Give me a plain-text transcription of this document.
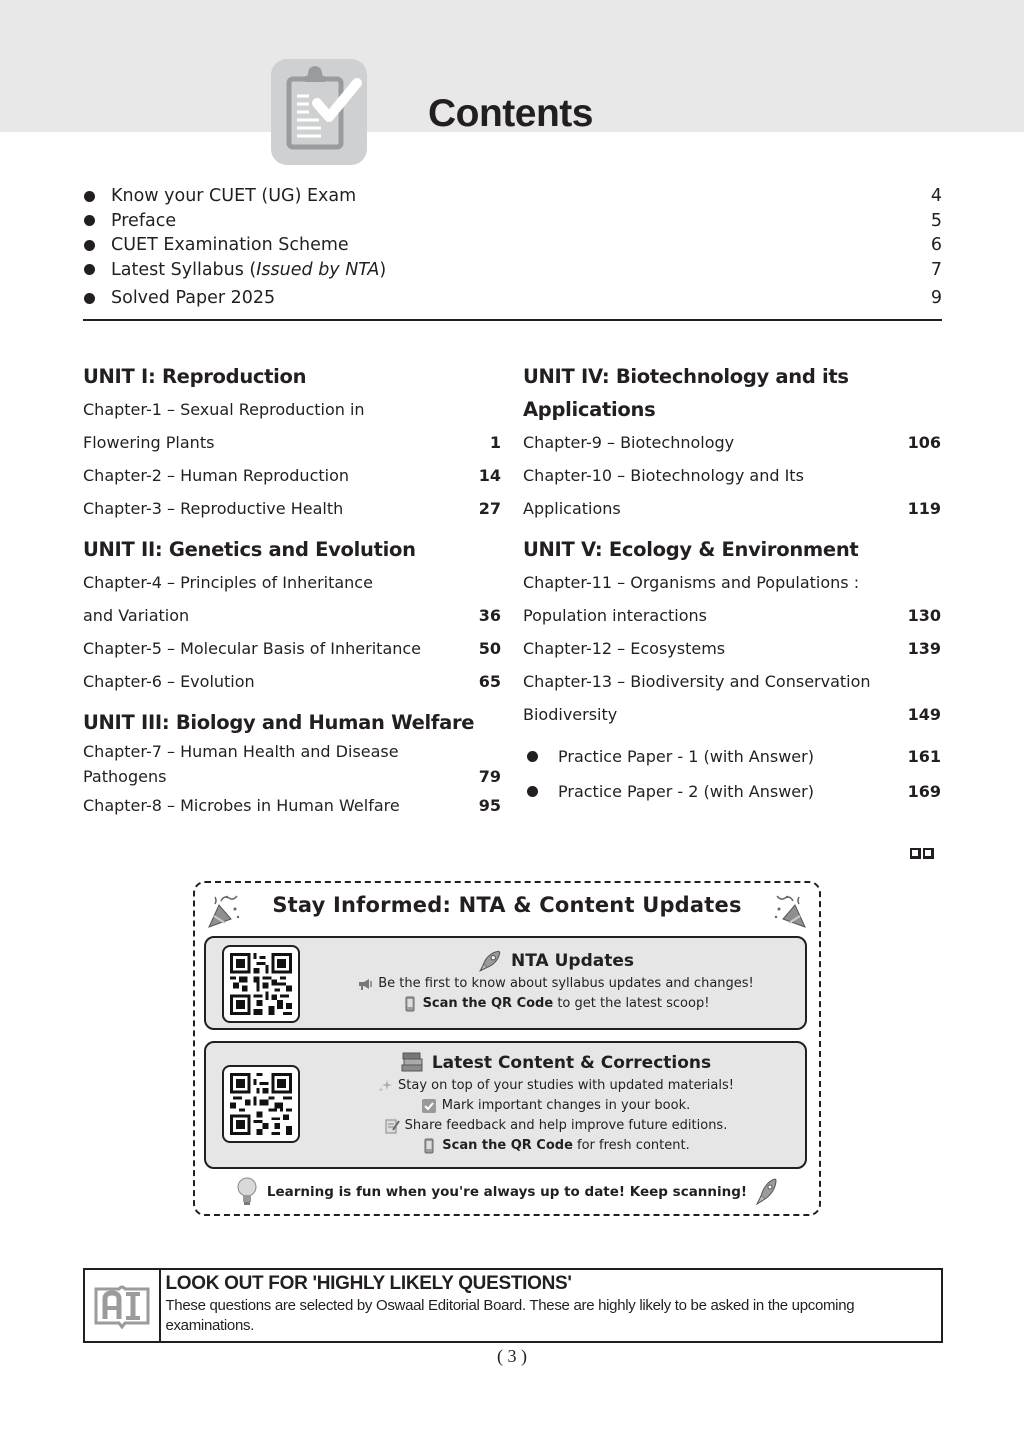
Contents
Know your CUET (UG) Exam	4
Preface	5
CUET Examination Scheme	6
Latest Syllabus (Issued by NTA)	7
Solved Paper 2025	9
UNIT I: Reproduction
Chapter-1 – Sexual Reproduction in
Flowering Plants	1
Chapter-2 – Human Reproduction	14
Chapter-3 – Reproductive Health	27
UNIT II: Genetics and Evolution
Chapter-4 – Principles of Inheritance
and Variation	36
Chapter-5 – Molecular Basis of Inheritance	50
Chapter-6 – Evolution	65
UNIT III: Biology and Human Welfare
Chapter-7 – Human Health and Disease
Pathogens	79
Chapter-8 – Microbes in Human Welfare	95
UNIT IV: Biotechnology and its
Applications
Chapter-9 – Biotechnology	106
Chapter-10 – Biotechnology and Its
Applications	119
UNIT V: Ecology & Environment
Chapter-11 – Organisms and Populations :
Population interactions	130
Chapter-12 – Ecosystems	139
Chapter-13 – Biodiversity and Conservation
Biodiversity	149
Practice Paper - 1 (with Answer)	161
Practice Paper - 2 (with Answer)	169
Stay Informed: NTA & Content Updates
NTA Updates
Be the first to know about syllabus updates and changes!
Scan the QR Code to get the latest scoop!
Latest Content & Corrections
Stay on top of your studies with updated materials!
Mark important changes in your book.
Share feedback and help improve future editions.
Scan the QR Code for fresh content.
Learning is fun when you're always up to date! Keep scanning!
LOOK OUT FOR 'HIGHLY LIKELY QUESTIONS'
These questions are selected by Oswaal Editorial Board. These are highly likely to be asked in the upcoming examinations.
( 3 )
